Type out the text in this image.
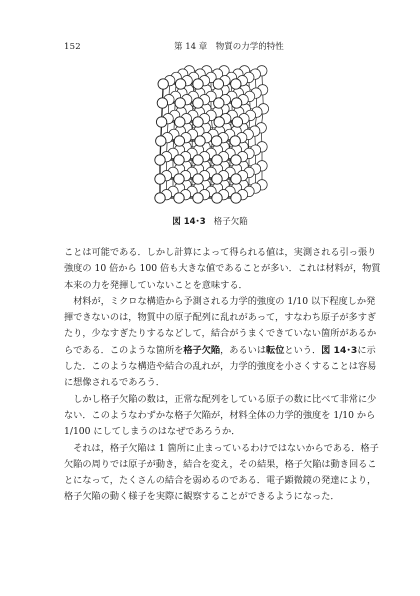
152	第 14 章　物質の力学的特性
図 14･3 格子欠陥
ことは可能である．しかし計算によって得られる値は，実測される引っ張り
強度の 10 倍から 100 倍も大きな値であることが多い．これは材料が，物質
本来の力を発揮していないことを意味する．
材料が，ミクロな構造から予測される力学的強度の 1/10 以下程度しか発
揮できないのは，物質中の原子配列に乱れがあって，すなわち原子が多すぎ
たり，少なすぎたりするなどして，結合がうまくできていない箇所があるか
らである．このような箇所を格子欠陥，あるいは転位という．図 14･3に示
した．このような構造や結合の乱れが，力学的強度を小さくすることは容易
に想像されるであろう．
しかし格子欠陥の数は，正常な配列をしている原子の数に比べて非常に少
ない．このようなわずかな格子欠陥が，材料全体の力学的強度を 1/10 から
1/100 にしてしまうのはなぜであろうか．
それは，格子欠陥は 1 箇所に止まっているわけではないからである．格子
欠陥の周りでは原子が動き，結合を変え，その結果，格子欠陥は動き回るこ
とになって，たくさんの結合を弱めるのである．電子顕微鏡の発達により，
格子欠陥の動く様子を実際に観察することができるようになった．
